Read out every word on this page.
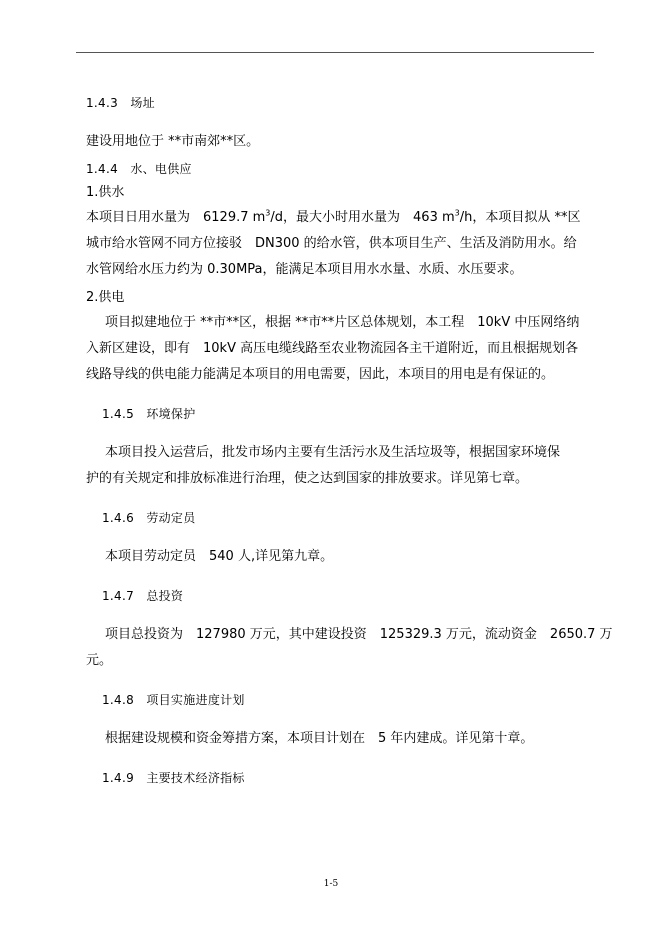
1.4.3　场址
建设用地位于 **市南郊**区。
1.4.4　水、电供应
1.供水
本项目日用水量为　6129.7 $m^3/d$，最大小时用水量为　463 $m^3/h$，本项目拟从 **区
城市给水管网不同方位接驳　DN300 的给水管，供本项目生产、生活及消防用水。给
水管网给水压力约为 0.30MPa，能满足本项目用水水量、水质、水压要求。
2.供电
项目拟建地位于 **市**区，根据 **市**片区总体规划，本工程　10kV 中压网络纳
入新区建设，即有　10kV 高压电缆线路至农业物流园各主干道附近，而且根据规划各
线路导线的供电能力能满足本项目的用电需要，因此，本项目的用电是有保证的。
1.4.5　环境保护
本项目投入运营后，批发市场内主要有生活污水及生活垃圾等，根据国家环境保
护的有关规定和排放标准进行治理，使之达到国家的排放要求。详见第七章。
1.4.6　劳动定员
本项目劳动定员　540 人,详见第九章。
1.4.7　总投资
项目总投资为　127980 万元，其中建设投资　125329.3 万元，流动资金　2650.7 万
元。
1.4.8　项目实施进度计划
根据建设规模和资金筹措方案，本项目计划在　5 年内建成。详见第十章。
1.4.9　主要技术经济指标
1-5
